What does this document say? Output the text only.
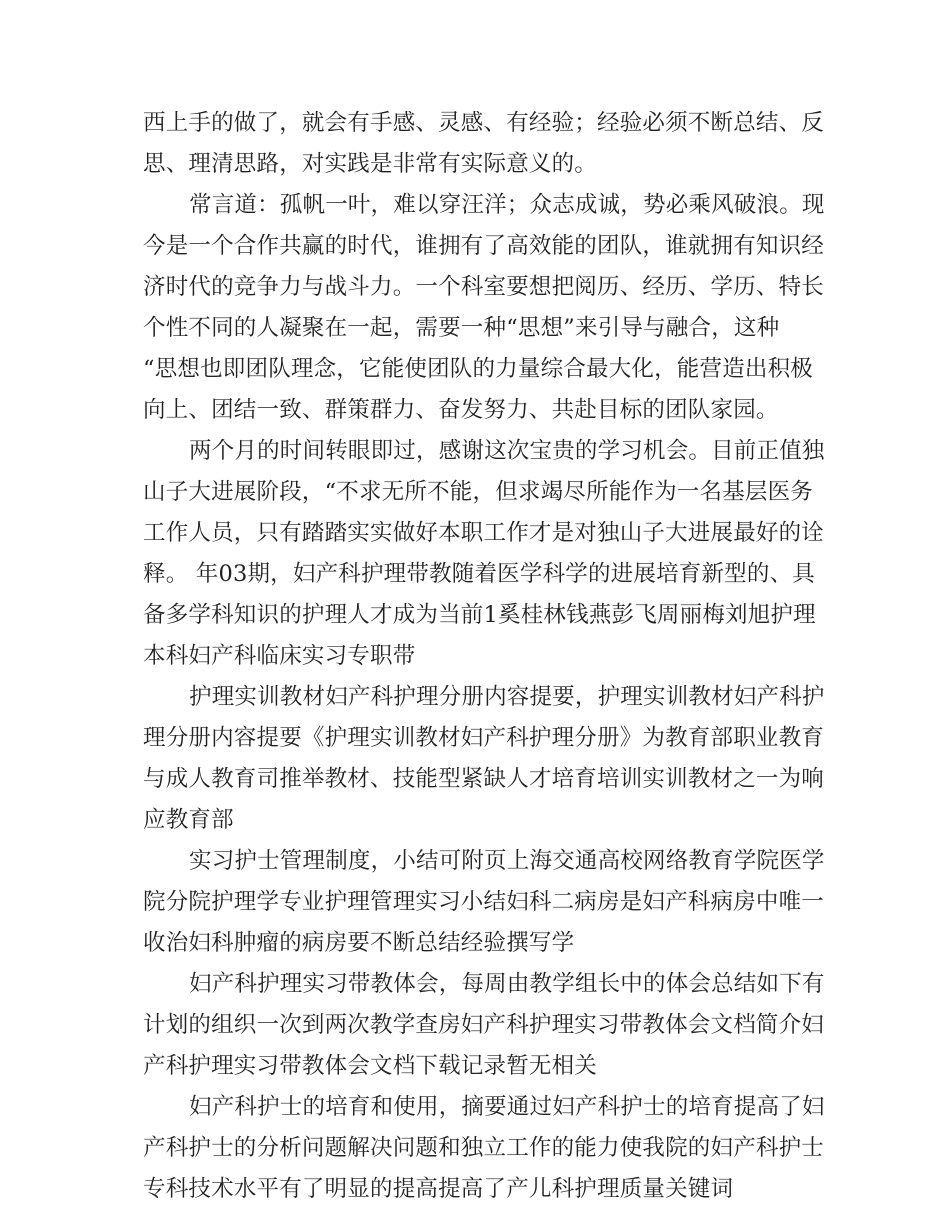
西上手的做了，就会有手感、灵感、有经验；经验必须不断总结、反
思、理清思路，对实践是非常有实际意义的。
常言道：孤帆一叶，难以穿汪洋；众志成诚，势必乘风破浪。现
今是一个合作共赢的时代，谁拥有了高效能的团队，谁就拥有知识经
济时代的竞争力与战斗力。一个科室要想把阅历、经历、学历、特长
个性不同的人凝聚在一起，需要一种“思想”来引导与融合，这种
“思想也即团队理念，它能使团队的力量综合最大化，能营造出积极
向上、团结一致、群策群力、奋发努力、共赴目标的团队家园。
两个月的时间转眼即过，感谢这次宝贵的学习机会。目前正值独
山子大进展阶段，“不求无所不能，但求竭尽所能作为一名基层医务
工作人员，只有踏踏实实做好本职工作才是对独山子大进展最好的诠
释。 年03期，妇产科护理带教随着医学科学的进展培育新型的、具
备多学科知识的护理人才成为当前1奚桂林钱燕彭飞周丽梅刘旭护理
本科妇产科临床实习专职带
护理实训教材妇产科护理分册内容提要，护理实训教材妇产科护
理分册内容提要《护理实训教材妇产科护理分册》为教育部职业教育
与成人教育司推举教材、技能型紧缺人才培育培训实训教材之一为响
应教育部
实习护士管理制度，小结可附页上海交通高校网络教育学院医学
院分院护理学专业护理管理实习小结妇科二病房是妇产科病房中唯一
收治妇科肿瘤的病房要不断总结经验撰写学
妇产科护理实习带教体会，每周由教学组长中的体会总结如下有
计划的组织一次到两次教学查房妇产科护理实习带教体会文档简介妇
产科护理实习带教体会文档下载记录暂无相关
妇产科护士的培育和使用，摘要通过妇产科护士的培育提高了妇
产科护士的分析问题解决问题和独立工作的能力使我院的妇产科护士
专科技术水平有了明显的提高提高了产儿科护理质量关键词
